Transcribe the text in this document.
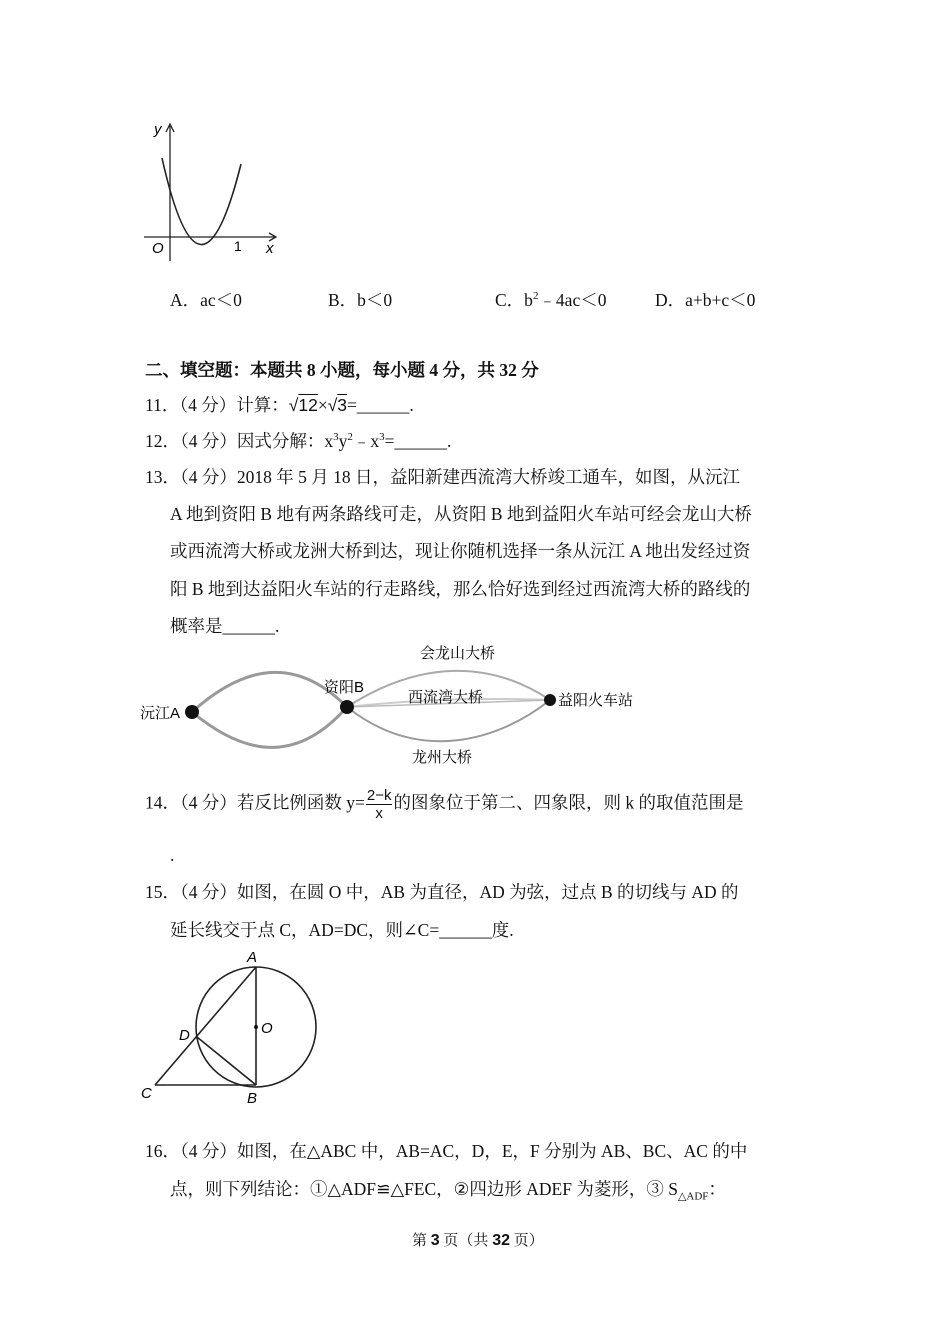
y
x
O	1
A．ac＜0	B．b＜0	C．$b^2﹣4ac<0$	D．a+b+c＜0
二、填空题：本题共 8 小题，每小题 4 分，共 32 分
11．（4 分）计算：√12×√3=______.
12．（4 分）因式分解：$x^3y^2﹣x^3=\_\_\_\_\_\_$.
13．（4 分）2018 年 5 月 18 日，益阳新建西流湾大桥竣工通车，如图，从沅江
A 地到资阳 B 地有两条路线可走，从资阳 B 地到益阳火车站可经会龙山大桥
或西流湾大桥或龙洲大桥到达，现让你随机选择一条从沅江 A 地出发经过资
阳 B 地到达益阳火车站的行走路线，那么恰好选到经过西流湾大桥的路线的
概率是______.
沅江A
资阳B
益阳火车站
会龙山大桥
西流湾大桥
龙州大桥
14．（4 分）若反比例函数 $y= \frac{2-k}{x}$ 的图象位于第二、四象限，则 k 的取值范围是
.
15．（4 分）如图，在圆 O 中，AB 为直径，AD 为弦，过点 B 的切线与 AD 的
延长线交于点 C，AD=DC，则∠C=______度.
A
B
C
D	O
16．（4 分）如图，在△ABC 中，AB=AC，D，E，F 分别为 AB、BC、AC 的中
点，则下列结论：①△ADF≌△FEC，②四边形 ADEF 为菱形，③ $S_{\triangle ADF}$：
第 3 页（共 32 页）
